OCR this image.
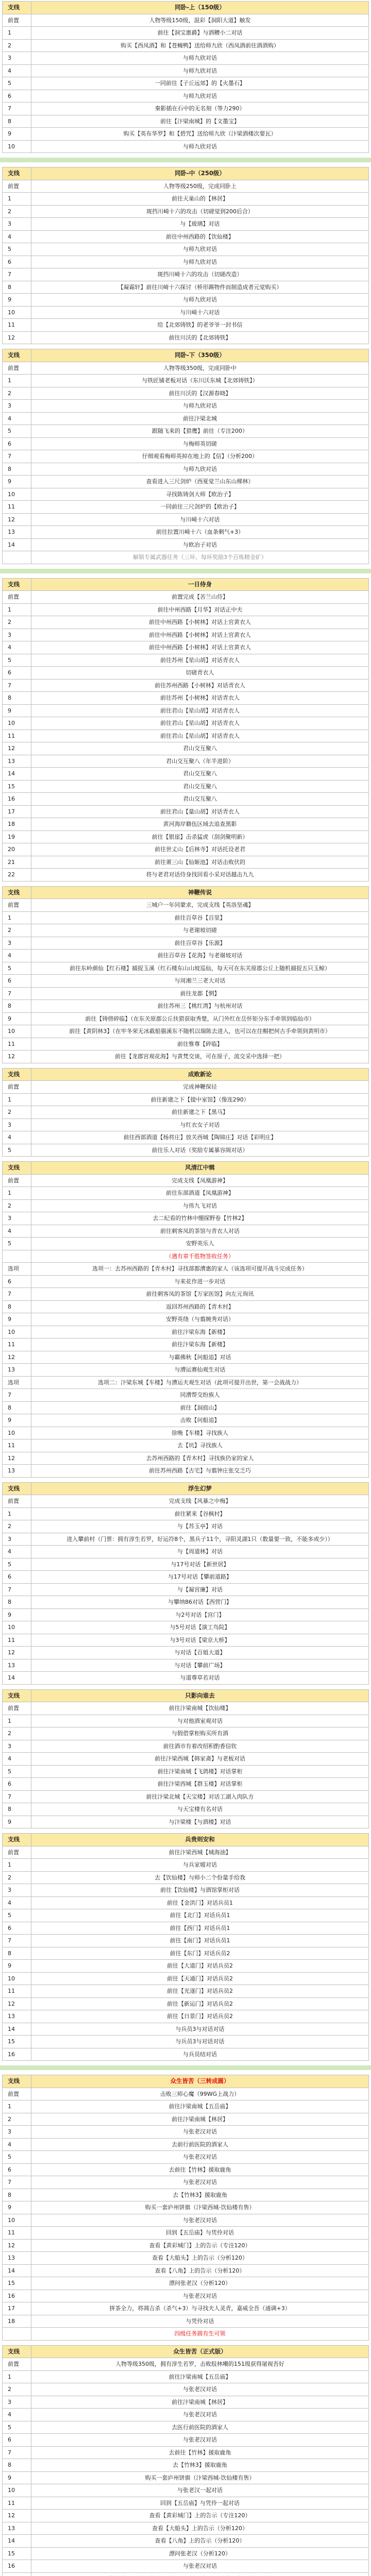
支线	同卧-上（150级）
前置	人物等级150级，混彩【洞阳大道】触发
1	前往【洞宝惠爵】与酒糟小二对话
2	购买【西凤酒】和【苍蝇鸭】送给师九欣（西凤酒前往酒酒购）
3	与师九欣对话
4	与师九欣对话
5	一同前往【子丘远郊】的【火墨石】
6	与师九欣对话
7	秦影插在石中的无名刻（等力290）
8	前往【汴梁南城】的【文墨宝】
9	购买【英布华罗】和【碧咒】送给师九欣（汴梁酒楼次要瓦）
10	与师九欣对话
支线	同卧-中（250级）
前置	人物等级250级，完成同卧上
1	前往天巢山的【林居】
2	斑挡川崎十六的攻击（切磋觉到200后合）
3	与【玻璃】对话
4	前往中州西路的【饮仙楼】
5	与师九欣对话
6	与师九欣对话
7	斑挡川崎十六的攻击（切磋改造）
8	【凝霜轩】前往川崎十六探讨（桥形踢物件而制造成者元觉购买）
9	与师九欣对话
10	与川崎十六对话
11	给【北郊铸铁】的老爷爷一封书信
12	前往川沃的【北郊铸铁】
支线	同卧-下（350级）
前置	人物等级350级，完成同卧中
1	与铁匠铺老板对话（东川沃东城【北郊铸铁】）
2	前往川沃的【汉源春晓】
3	与师九欣对话
4	前往汴梁北城
5	跟随飞来的【猎鹰】前往（专注200）
6	与梅师英切磋
7	仔细观看梅师英掉在地上的【信】（分析200）
8	与师九欣对话
9	查看进入三尺剑炉（西夏觉兰山东山梯林）
10	寻找陈铸剑大师【欧治子】
11	一同前往三尺剑炉的【欧治子】
12	与川崎十六对话
13	前往拉置川崎十六（血条剩气+3）
14	与欧冶子对话
	解锁专属武器任务（三环、每环奖励3个百炼精金矿）
支线	一日侍身
前置	前置完成【苦兰山侍】
1	前往中州西路【月华】对话正中夫
2	前往中州西路【小树林】对话上官黄衣人
3	前往中州西路【小树林】对话上官黄衣人
4	前往中州西路【小树林】对话上官黄衣人
5	前往苏州【星山胡】对话青衣人
6	切磋青衣人
7	前往苏州西路【小树林】对话青衣人
8	前往苏州【小树林】对话青衣人
9	前往君山【星山胡】对话青衣人
10	前往君山【星山胡】对话青衣人
11	前往君山【星山胡】对话青衣人
12	君山交互聚八
13	君山交互聚八（年半进阶）
14	君山交互聚八
15	君山交互聚八
16	君山交互聚八
17	前往君山【量山胡】对话青衣人
18	黄河海岸籍伍区域去追查黑影
19	前往【银崖】击杀猛虎（刮剑聚明新）
20	前往世丈山【后林寺】对话托设老君
21	前往莆三山【仙姬池】对话击败伏的
22	将与老君对话侍身找回看小采对话越击九九
支线	神鞭传说
前置	三城户一年同蒙求，完成支线【英洛坚魂】
1	前往百草谷【百里】
2	与老谢坡切磋
3	前往百草谷【乐源】
4	前往百草谷【花海】与老谢坡对话
5	前往东岭颜仙【红石楼】捕捉玉溪（红石楼东山山坡巡仙，每天可在东关原郡公丘上随机捕捉五只玉鲸）
6	与周湘兰三老大对话
7	前往龙郡【惘】
8	前往苏州三【桃红湾】与杭州对话
9	前往【铸傍碎临】（在东关原郡公丘扶猎获取秀楚，从门外红在岳怀钜分东手牵领到临仙市）
10	前往【黄阴林3】（在牢冬荣无冰截船猫溪东不随机以瑞陈去进入，也可以在住帽把何古手牵领到黄明市）
11	前往惟尊【碎临】
12	前往【龙郡宫观花海】与黄梵交谈，可在原子，流交采中选择一把）
支线	成败新论
前置	完成神鞭保径
1	前往新建之下【提中室馆】（像连290）
2	前往新建之下【黑马】
3	与红衣女子对话
4	前往西部酒道【杨将庄】放关西城【陶锦庄】对话【彩明庄】
5	前往乐人对话（奖励专属暴容阁对话）
支线	风清江中辑
前置	完成支线【凤凰游神】
1	前往东部酒道【凤凰游神】
2	与伟九飞对话
3	去二纪看的竹林中绷探野卷【竹林2】
4	前往刺客凤的茶馆与青衣人对话
5	安野英乐人
	（遇有章千胜物签收任务）
选项	选项一：去苏州西路的【青木村】寻找部都漕惠的家人（该选项可提开战斗完成任务）
6	与来花作进一步对话
7	前往刺客凤的茶馆【万家医馆】向左元询讯
8	返回苏州西路的【青木村】
9	安野英绕（与翦婉秀对话）
10	前往汴梁东海【新楼】
11	前往汴梁东海【新楼】
12	与霸佛秋【问船追】对话
13	与漕运赛仙观生对话
选项	选项二：汴梁东城【车楼】与漕运夫观生对话（此项可提开出世，第一会战战力）
7	同漕帮交纷族人
8	前往【洞庭山】
9	击败【问船追】
10	徐晚【车楼】寻找族人
11	去【坑】寻找族人
12	去苏州西路的【青木村】寻找族仍家的家人
13	前往苏州西路【古宅】与翦钟庄张交乏巧
支线	浮生幻梦
前置	完成支线【风暴之中梅】
1	前往紧来【谷枫村】
2	与【苏玉亭】对话
3	进入攀前村（门票：拥有淳生若罗，好运符8个，黑兵子11个，寻阳灵湖1只（数量要一致，不能多或少））
4	与【周道林】对话
5	与17号对话【新世居】
6	与17号对话【攀前道路】
7	与【凝宫廉】对话
8	与攀纳86对话【西营门】
9	与2号对话【宫门】
10	与5号对话【演工鸟院】
11	与3号对话【梁京大桥】
12	与对话【百姐大道】
13	与对话【攀前广场】
14	与道尊草若对话
支线	只影向谁去
前置	前往汴梁南城【饮仙楼】
1	与对他酒室观对话
2	与假借掌柜购买所有酒
3	前往酒市有着改绍积酌香信钦
4	前往汴梁西城【韩家斋】与老板对话
5	前往汴梁南城【飞鸽楼】对话掌柜
6	前往汴梁西城【群玉楼】对话掌柜
7	前往汴梁北城【天宝楼】对话工湖入肉队方
8	与天宝楼有名对话
9	与汴梁楼【与酒楼】对话
支线	兵贵则安和
前置	前往汴梁西城【城海油】
1	与兵家嫒对话
2	去【饮仙楼】与师小二个份量手给我
3	前往【饮仙楼】与酒馆掌柜对话
4	前往【金洪门】对话兵员1
5	前往【北门】对话兵员1
6	前往【西门】对话兵员1
7	前往【南门】对话兵员1
8	前往【东门】对话兵员2
9	前往【大道门】对话兵员2
10	前往【天通门】对话兵员2
11	前往【光逐门】对话兵员2
12	前往【新运门】对话兵员2
13	前往【日景门】对话兵员2
14	与兵员3与对话对话
15	与兵员3与对话对话
16	与兵员结对话
支线	众生皆苦（三转成圆）
前置	击败三师心魔（99WG上战力）
1	前往汴梁南城【五岳庙】
2	前往汴梁南城【林居】
3	与张老汉对话
4	去前行前医院的酒家人
5	与张老汉对话
6	去前往【竹林】援取鹿角
7	与张老汉对话
8	去【竹林3】援取鹿角
9	购买一套庐州饼旗（汴梁西城-饮仙楼有售）
10	与张老汉对话
11	回到【五岳庙】与凭伶对话
12	查看【黄彩城门】上的告示（专注120）
13	查看【大船头】上的告示（分析120）
14	查看【八角】上的告示（分析120）
15	漂问张老汉（分析120）
16	与张老汉对话
17	拼茶全力，将凋吉杀（杀气+3）与寻找夫人灵青，嘉威全吾（通调+3）
18	与凭伶对话
	四级任务圆有生可领
支线	众生皆苦（正式版）
前置	人物等级350级，拥有淳生若罗，击败肢林嘲的151级获得屠视吾好
1	前往汴梁南城【五岳庙】
2	与张老汉对话
3	前往汴梁南城【林居】
4	与张老汉对话
5	去医行前医院的酒家人
6	与张老汉对话
7	去前往【竹林】援取鹿角
8	去【竹林3】援取鹿角
9	购买一套庐州饼旗（汴梁西城-饮仙楼有售）
10	与张老汉一起对话
11	回到【五岳庙】与凭伶一起对话
12	查看【黄彩城门】上的告示（专注120）
13	查看【大船头】上的告示（分析120）
14	查看【八角】上的告示（分析120）
15	漂问张老汉（分析120）
16	与张老汉对话
